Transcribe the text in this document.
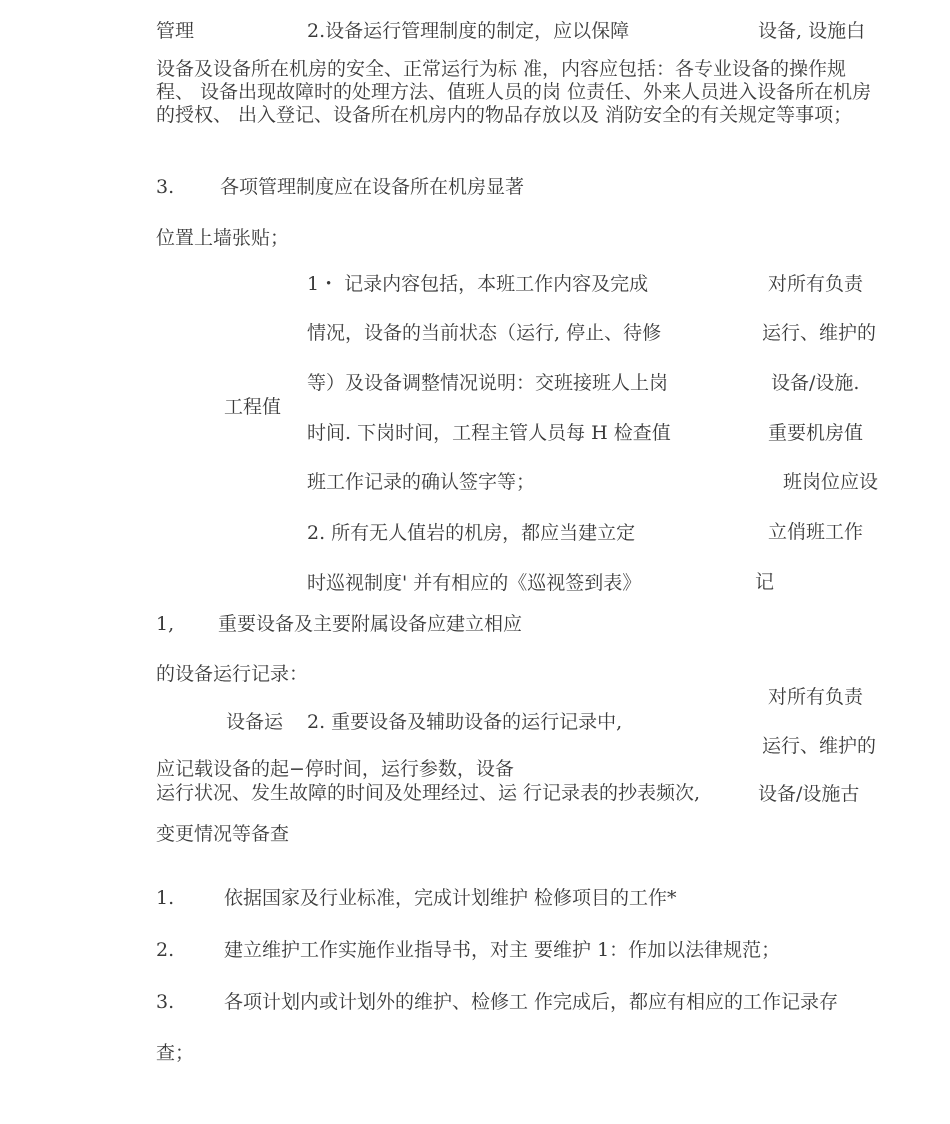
管理	2.设备运行管理制度的制定，应以保障	设备, 设施白
设备及设备所在机房的安全、正常运行为标 准，内容应包括：各专业设备的操作规程、 设备出现故障时的处理方法、值班人员的岗 位责任、外来人员进入设备所在机房的授权、 出入登记、设备所在机房内的物品存放以及 消防安全的有关规定等事项；
3. 各项管理制度应在设备所在机房显著
位置上墙张贴；
工程值
1・ 记录内容包括，本班工作内容及完成
情况，设备的当前状态（运行, 停止、待修
等）及设备调整情况说明：交班接班人上岗
时间. 下岗时间，工程主管人员每 H 检查值
班工作记录的确认签字等；
2. 所有无人值岩的机房，都应当建立定
时巡视制度' 并有相应的《巡视签到表》
对所有负责
运行、维护的
设备/设施.
重要机房值
班岗位应设
立俏班工作
记
1, 重要设备及主要附属设备应建立相应
的设备运行记录：
设备运 2. 重要设备及辅助设备的运行记录中,
应记载设备的起−停时间，运行参数，设备
运行状况、发生故障的时间及处理经过、运 行记录表的抄表频次,
变更情况等备查
对所有负责
运行、维护的
设备/设施古
1.	依据国家及行业标准，完成计划维护 检修项目的工作*
2.	建立维护工作实施作业指导书，对主 要维护 1：作加以法律规范；
3.	各项计划内或计划外的维护、检修工 作完成后，都应有相应的工作记录存
查；
